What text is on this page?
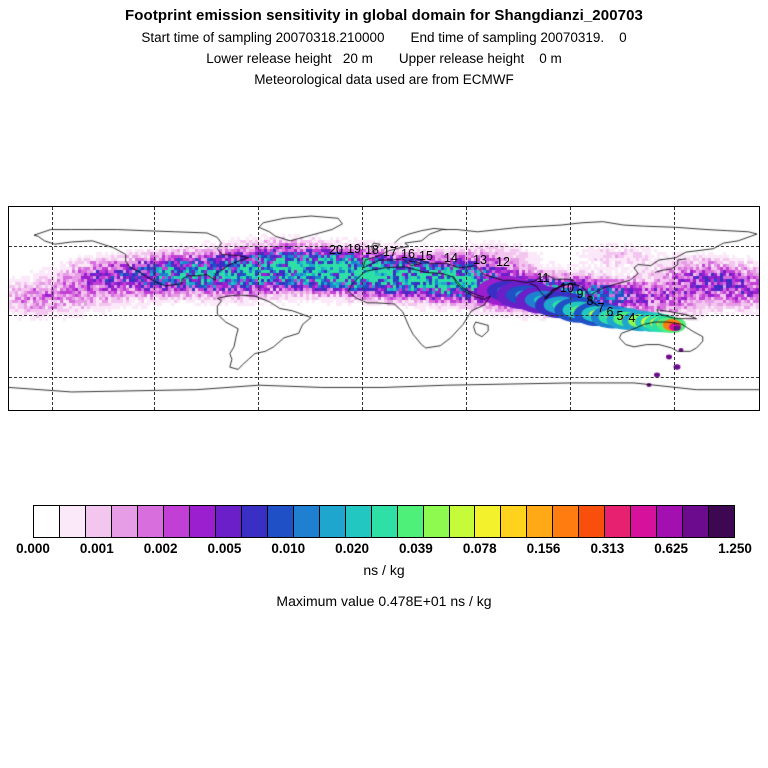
Footprint emission sensitivity in global domain for Shangdianzi_200703
Start time of sampling 20070318.210000 End time of sampling 20070319.    0
Lower release height   20 m Upper release height    0 m
Meteorological data used are from ECMWF
20 19 18 17 16 15 14 13 12
11
10 9 8 7 6 5 4
0.000 0.001 0.002 0.005 0.010 0.020 0.039 0.078 0.156 0.313 0.625 1.250
ns / kg
Maximum value 0.478E+01 ns / kg
